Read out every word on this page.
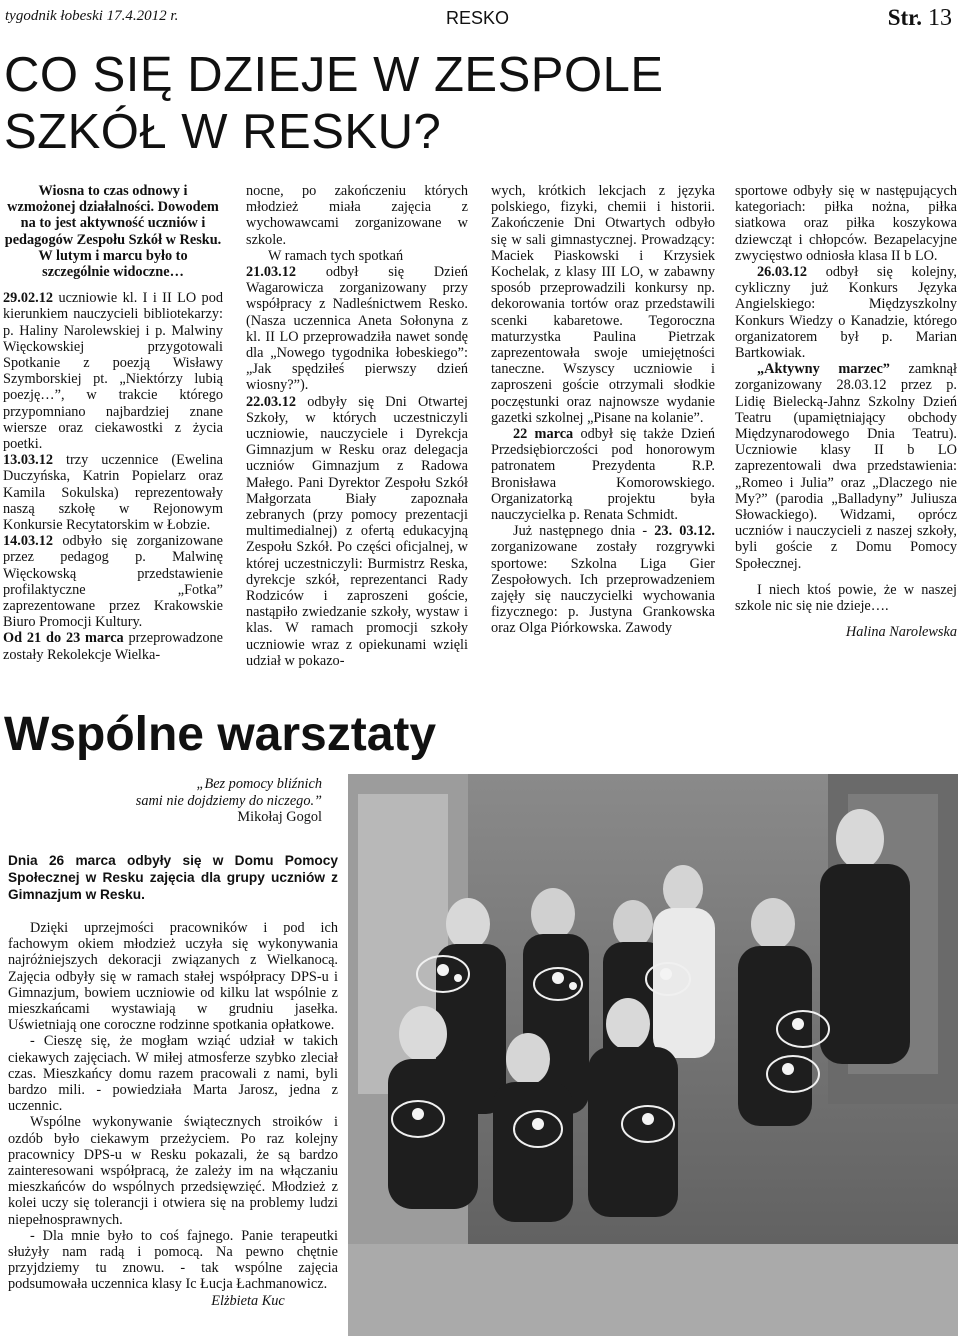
tygodnik łobeski 17.4.2012 r.	RESKO	Str. 13
CO SIĘ DZIEJE W ZESPOLE
SZKÓŁ W RESKU?

Wiosna to czas odnowy i wzmożonej działalności. Dowodem na to jest aktywność uczniów i pedagogów Zespołu Szkół w Resku. W lutym i marcu było to szczególnie widoczne…

29.02.12 uczniowie kl. I i II LO pod kierunkiem nauczycieli bibliotekarzy: p. Haliny Narolewskiej i p. Malwiny Więckowskiej przygotowali Spotkanie z poezją Wisławy Szymborskiej pt. „Niektórzy lubią poezję…”, w trakcie którego przypomniano najbardziej znane wiersze oraz ciekawostki z życia poetki.

13.03.12 trzy uczennice (Ewelina Duczyńska, Katrin Popielarz oraz Kamila Sokulska) reprezentowały naszą szkołę w Rejonowym Konkursie Recytatorskim w Łobzie.

14.03.12 odbyło się zorganizowane przez pedagog p. Malwinę Więckowską przedstawienie profilaktyczne „Fotka” zaprezentowane przez Krakowskie Biuro Promocji Kultury.

Od 21 do 23 marca przeprowadzone zostały Rekolekcje Wielka-

nocne, po zakończeniu których młodzież miała zajęcia z wychowawcami zorganizowane w szkole.

W ramach tych spotkań

21.03.12 odbył się Dzień Wagarowicza zorganizowany przy współpracy z Nadleśnictwem Resko. (Nasza uczennica Aneta Sołonyna z kl. II LO przeprowadziła nawet sondę dla „Nowego tygodnika łobeskiego”: „Jak spędziłeś pierwszy dzień wiosny?”).

22.03.12 odbyły się Dni Otwartej Szkoły, w których uczestniczyli uczniowie, nauczyciele i Dyrekcja Gimnazjum w Resku oraz delegacja uczniów Gimnazjum z Radowa Małego. Pani Dyrektor Zespołu Szkół Małgorzata Biały zapoznała zebranych (przy pomocy prezentacji multimedialnej) z ofertą edukacyjną Zespołu Szkół. Po części oficjalnej, w której uczestniczyli: Burmistrz Reska, dyrekcje szkół, reprezentanci Rady Rodziców i zaproszeni goście, nastąpiło zwiedzanie szkoły, wystaw i klas. W ramach promocji szkoły uczniowie wraz z opiekunami wzięli udział w pokazo-

wych, krótkich lekcjach z języka polskiego, fizyki, chemii i historii. Zakończenie Dni Otwartych odbyło się w sali gimnastycznej. Prowadzący: Maciek Piaskowski i Krzysiek Kochelak, z klasy III LO, w zabawny sposób przeprowadzili konkursy np. dekorowania tortów oraz przedstawili scenki kabaretowe. Tegoroczna maturzystka Paulina Pietrzak zaprezentowała swoje umiejętności taneczne. Wszyscy uczniowie i zaproszeni goście otrzymali słodkie poczęstunki oraz najnowsze wydanie gazetki szkolnej „Pisane na kolanie”.

22 marca odbył się także Dzień Przedsiębiorczości pod honorowym patronatem Prezydenta R.P. Bronisława Komorowskiego. Organizatorką projektu była nauczycielka p. Renata Schmidt.

Już następnego dnia - 23. 03.12. zorganizowane zostały rozgrywki sportowe: Szkolna Liga Gier Zespołowych. Ich przeprowadzeniem zajęły się nauczycielki wychowania fizycznego: p. Justyna Grankowska oraz Olga Piórkowska. Zawody

sportowe odbyły się w następujących kategoriach: piłka nożna, piłka siatkowa oraz piłka koszykowa dziewcząt i chłopców. Bezapelacyjne zwycięstwo odniosła klasa II b LO.

26.03.12 odbył się kolejny, cykliczny już Konkurs Języka Angielskiego: Międzyszkolny Konkurs Wiedzy o Kanadzie, którego organizatorem był p. Marian Bartkowiak.

„Aktywny marzec” zamknął zorganizowany 28.03.12 przez p. Lidię Bielecką-Jahnz Szkolny Dzień Teatru (upamiętniający obchody Międzynarodowego Dnia Teatru). Uczniowie klasy II b LO zaprezentowali dwa przedstawienia: „Romeo i Julia” oraz „Dlaczego nie My?” (parodia „Balladyny” Juliusza Słowackiego). Widzami, oprócz uczniów i nauczycieli z naszej szkoły, byli goście z Domu Pomocy Społecznej.

I niech ktoś powie, że w naszej szkole nic się nie dzieje….

Halina Narolewska

Wspólne warsztaty
„Bez pomocy bliźnich
sami nie dojdziemy do niczego.”
Mikołaj Gogol
Dnia 26 marca odbyły się w Domu Pomocy Społecznej w Resku zajęcia dla grupy uczniów z Gimnazjum w Resku.

Dzięki uprzejmości pracowników i pod ich fachowym okiem młodzież uczyła się wykonywania najróżniejszych dekoracji związanych z Wielkanocą. Zajęcia odbyły się w ramach stałej współpracy DPS-u i Gimnazjum, bowiem uczniowie od kilku lat wspólnie z mieszkańcami wystawiają w grudniu jasełka. Uświetniają one coroczne rodzinne spotkania opłatkowe.

- Cieszę się, że mogłam wziąć udział w takich ciekawych zajęciach. W miłej atmosferze szybko zleciał czas. Mieszkańcy domu razem pracowali z nami, byli bardzo mili. - powiedziała Marta Jarosz, jedna z uczennic.

Wspólne wykonywanie świątecznych stroików i ozdób było ciekawym przeżyciem. Po raz kolejny pracownicy DPS-u w Resku pokazali, że są bardzo zainteresowani współpracą, że zależy im na włączaniu mieszkańców do wspólnych przedsięwzięć. Młodzież z kolei uczy się tolerancji i otwiera się na problemy ludzi niepełnosprawnych.

- Dla mnie było to coś fajnego. Panie terapeutki służyły nam radą i pomocą. Na pewno chętnie przyjdziemy tu znowu. - tak wspólne zajęcia podsumowała uczennica klasy Ic Łucja Łachmanowicz.

Elżbieta Kuc
